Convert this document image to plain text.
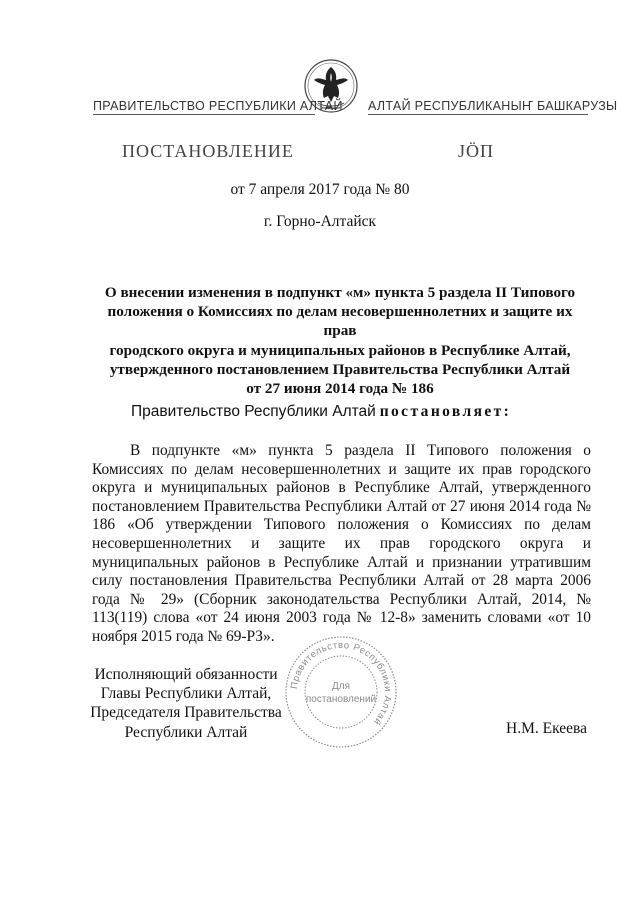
ПРАВИТЕЛЬСТВО РЕСПУБЛИКИ АЛТАЙ АЛТАЙ РЕСПУБЛИКАНЫҤ БАШКАРУЗЫ
ПОСТАНОВЛЕНИЕ	JÖП
от 7 апреля 2017 года № 80
г. Горно-Алтайск
О внесении изменения в подпункт «м» пункта 5 раздела II Типового
положения о Комиссиях по делам несовершеннолетних и защите их прав
городского округа и муниципальных районов в Республике Алтай,
утвержденного постановлением Правительства Республики Алтай
от 27 июня 2014 года № 186
Правительство Республики Алтай постановляет:

В подпункте «м» пункта 5 раздела II Типового положения о Комиссиях по делам несовершеннолетних и защите их прав городского округа и муниципальных районов в Республике Алтай, утвержденного постановлением Правительства Республики Алтай от 27 июня 2014 года № 186 «Об утверждении Типового положения о Комиссиях по делам несовершеннолетних и защите их прав городского округа и муниципальных районов в Республике Алтай и признании утратившим силу постановления Правительства Республики Алтай от 28 марта 2006 года № 29» (Сборник законодательства Республики Алтай, 2014, № 113(119) слова «от 24 июня 2003 года № 12-8» заменить словами «от 10 ноября 2015 года № 69-РЗ».

Исполняющий обязанности
Главы Республики Алтай,
Председателя Правительства
Республики Алтай	Н.М. Екеева
Правительство Республики Алтай
Для
постановлений
